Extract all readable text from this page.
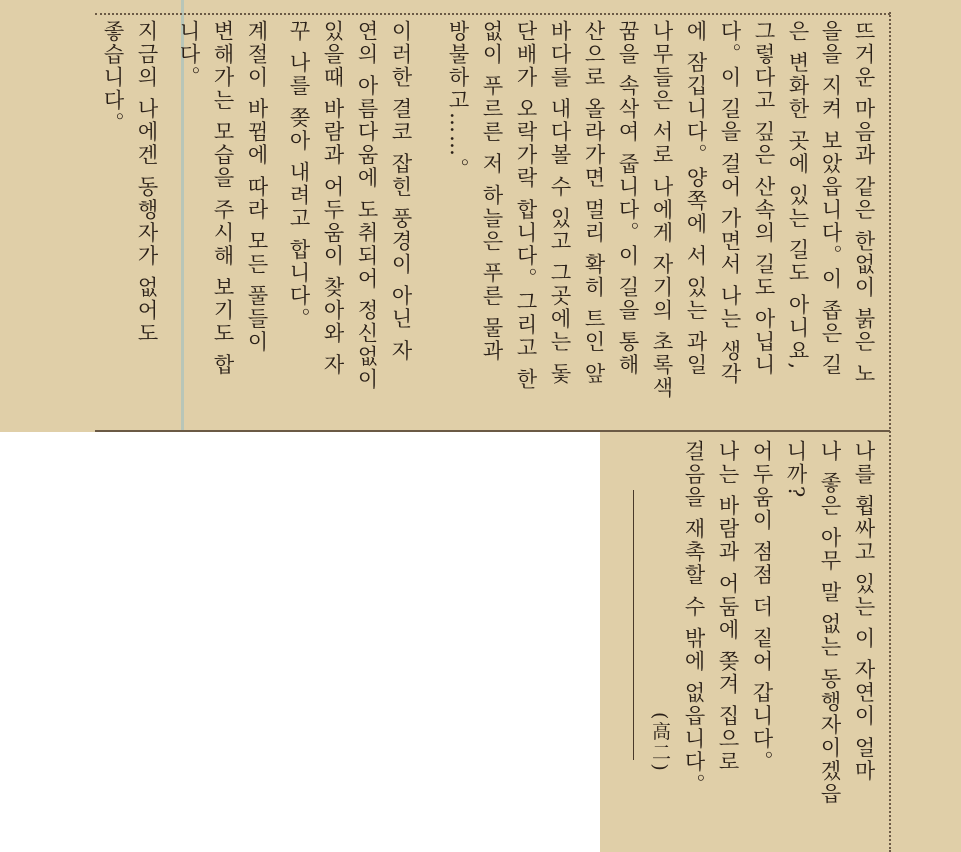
뜨거운 마음과 같은 한없이 붉은 노
을을 지켜 보았읍니다。이 좁은 길
은 변화한 곳에 있는 길도 아니요,
그렇다고 깊은 산속의 길도 아닙니
다。이 길을 걸어 가면서 나는 생각
에 잠깁니다。양쪽에 서 있는 과일
나무들은 서로 나에게 자기의 초록색
꿈을 속삭여 줍니다。이 길을 통해
산으로 올라가면 멀리 확히 트인 앞
바다를 내다볼 수 있고 그곳에는 돛
단배가 오락가락 합니다。그리고 한
없이 푸르른 저 하늘은 푸른 물과
방불하고……。
이러한 결코 잡힌 풍경이 아닌 자
연의 아름다움에 도취되어 정신없이
있을때 바람과 어두움이 찾아와 자
꾸 나를 쫒아 내려고 합니다。
계절이 바뀜에 따라 모든 풀들이
변해가는 모습을 주시해 보기도 합
니다。
지금의 나에겐 동행자가 없어도
좋습니다。
나를 휩싸고 있는 이 자연이 얼마
나 좋은 아무 말 없는 동행자이겠읍
니까?
어두움이 점점 더 짙어 갑니다。
나는 바람과 어둠에 쫒겨 집으로
걸음을 재촉할 수 밖에 없읍니다。
(高二)
